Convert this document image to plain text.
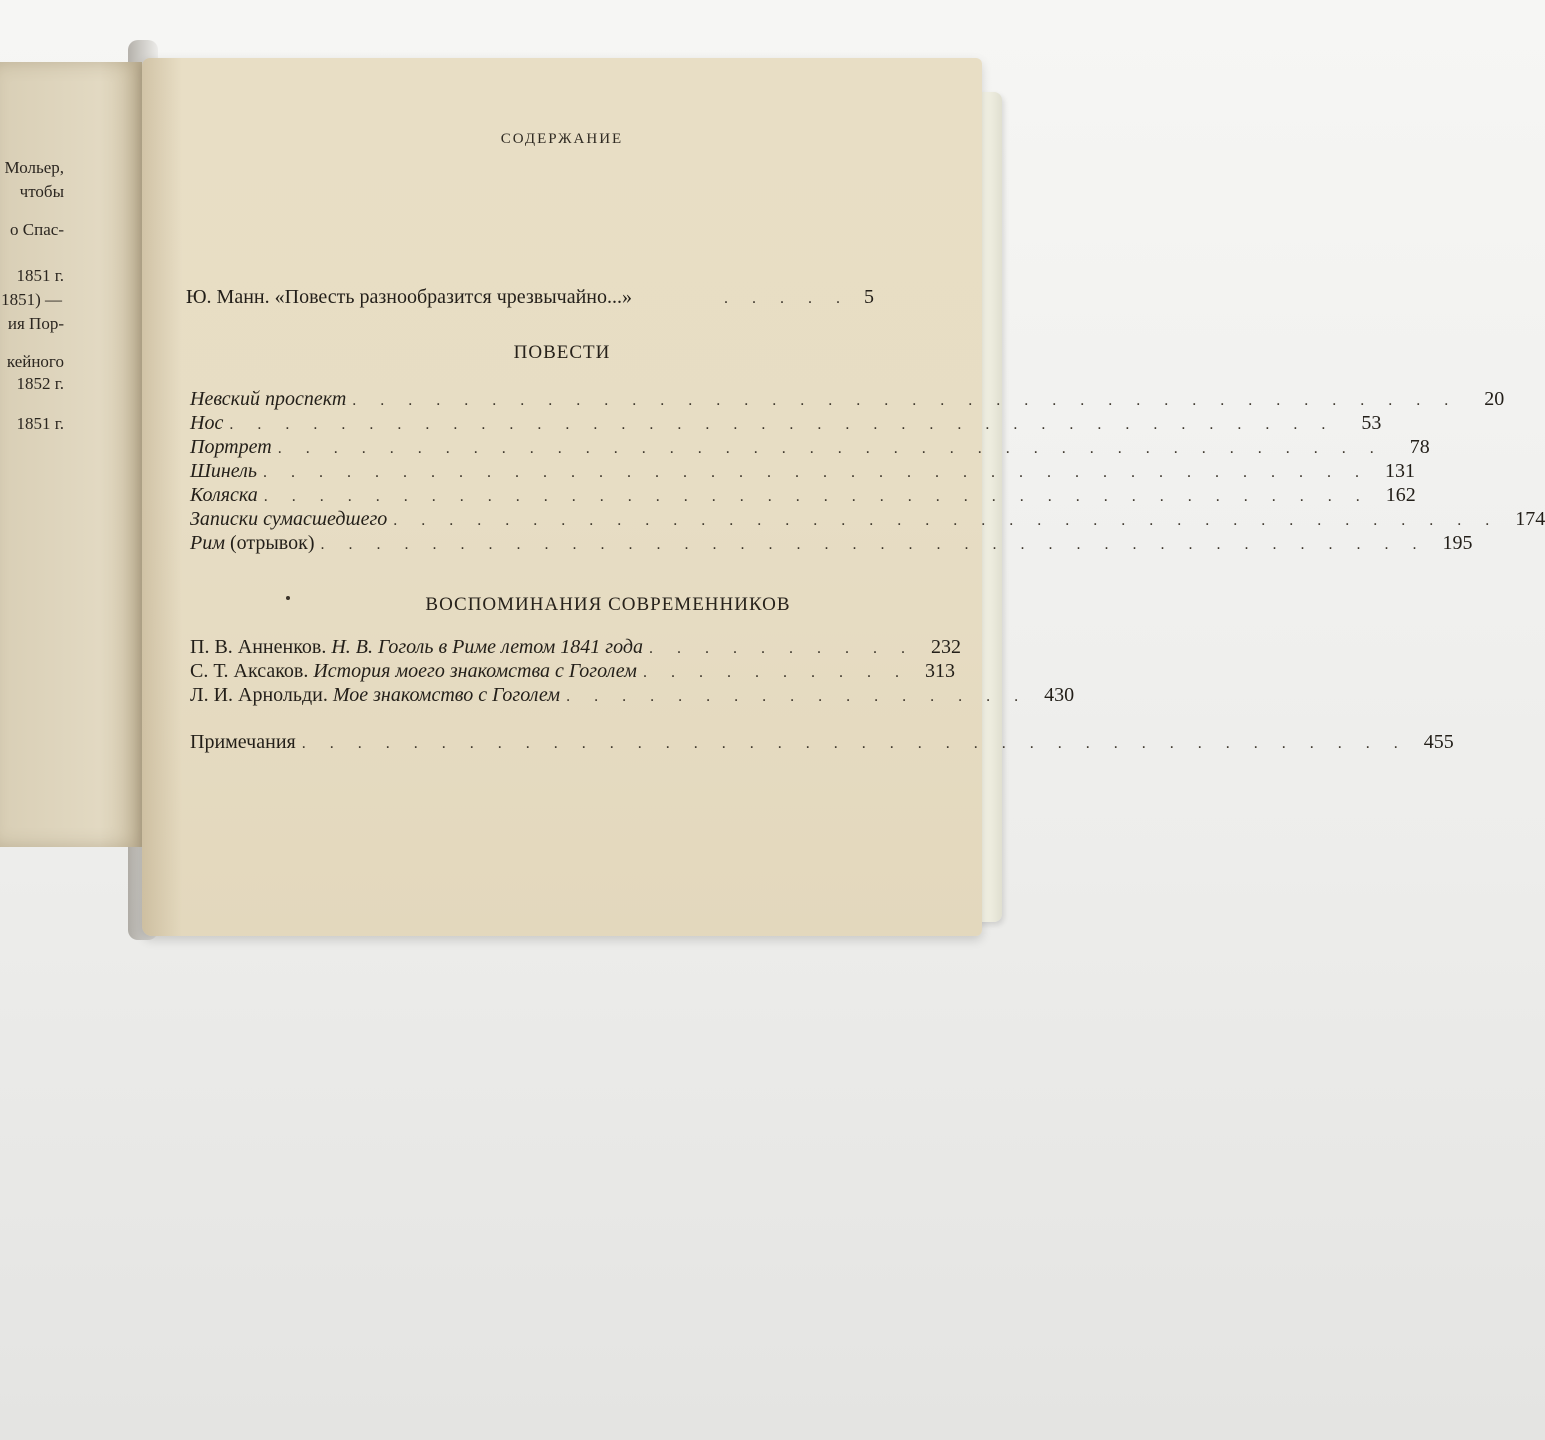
Мольер,
чтобы
о Спас-
1851 г.
1851) —
ия Пор-
кейного
1852 г.
1851 г.
СОДЕРЖАНИЕ
Ю. Манн. «Повесть разнообразится чрезвычайно...»	. . . . . 5
ПОВЕСТИ
Невский проспект . . . . . . . . . . . . . . . . . . . . . . . . . . . . . . . . . . . . . . . .	20
Нос . . . . . . . . . . . . . . . . . . . . . . . . . . . . . . . . . . . . . . . .	53
Портрет . . . . . . . . . . . . . . . . . . . . . . . . . . . . . . . . . . . . . . . .	78
Шинель . . . . . . . . . . . . . . . . . . . . . . . . . . . . . . . . . . . . . . . . 131
Коляска . . . . . . . . . . . . . . . . . . . . . . . . . . . . . . . . . . . . . . . . 162
Записки сумасшедшего . . . . . . . . . . . . . . . . . . . . . . . . . . . . . . . . . . . . . . . . 174
Рим (отрывок) . . . . . . . . . . . . . . . . . . . . . . . . . . . . . . . . . . . . . . . . 195
ВОСПОМИНАНИЯ СОВРЕМЕННИКОВ
П. В. Анненков. Н. В. Гоголь в Риме летом 1841 года . . . . . . . . . . 232
С. Т. Аксаков. История моего знакомства с Гоголем . . . . . . . . . . 313
Л. И. Арнольди. Мое знакомство с Гоголем . . . . . . . . . . . . . . . . . 430
Примечания . . . . . . . . . . . . . . . . . . . . . . . . . . . . . . . . . . . . . . . . 455
